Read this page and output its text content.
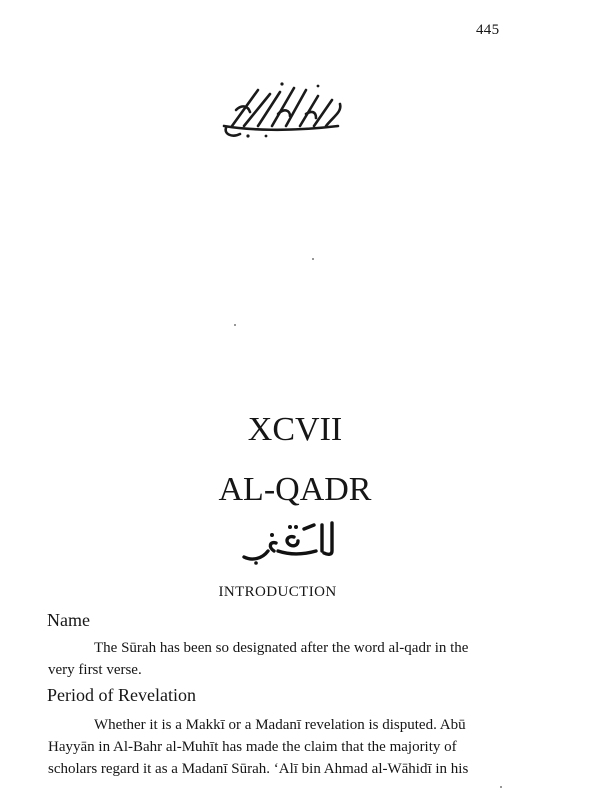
445
XCVII
AL-QADR
INTRODUCTION
Name
The Sūrah has been so designated after the word al-qadr in the
very first verse.
Period of Revelation
Whether it is a Makkī or a Madanī revelation is disputed. Abū
Hayyān in Al-Bahr al-Muhīt has made the claim that the majority of
scholars regard it as a Madanī Sūrah. ‘Alī bin Ahmad al-Wāhidī in his
